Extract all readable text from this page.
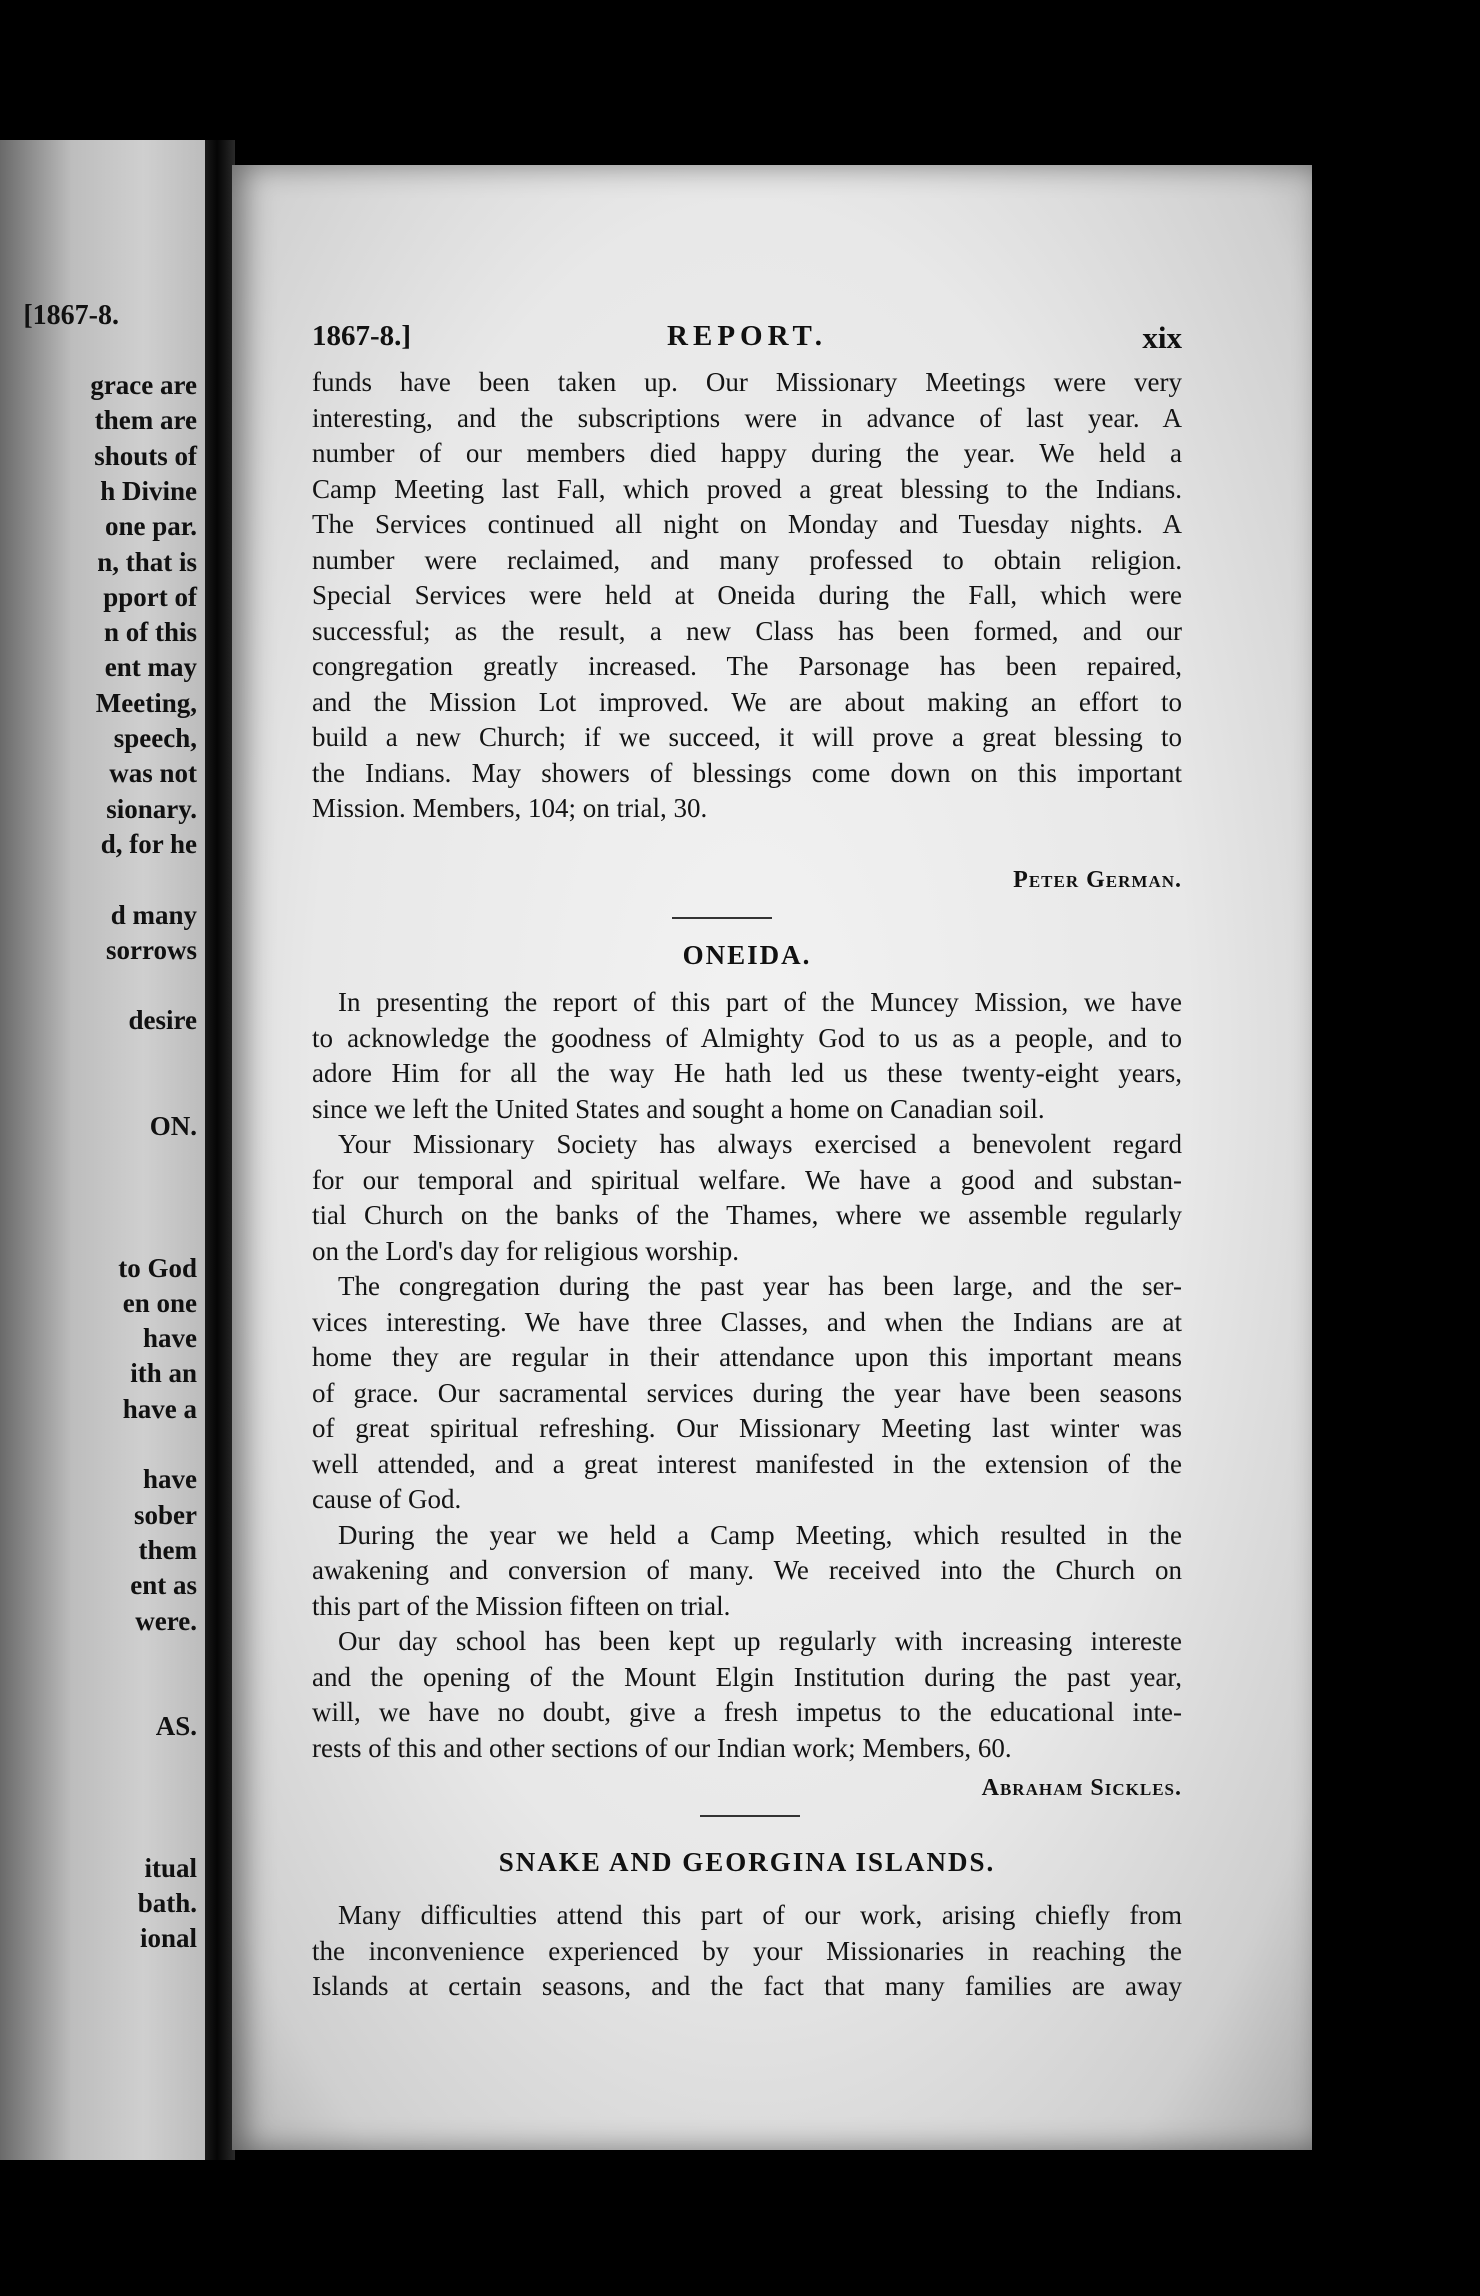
[1867-8.
grace are
them are
shouts of
h Divine
one par.
n, that is
pport of
n of this
ent may
Meeting,
speech,
was not
sionary.
d, for he
d many
sorrows
desire
ON.
to God
en one
have
ith an
have a
have
sober
them
ent as
were.
AS.
itual
bath.
ional
1867-8.]	REPORT.	xix
funds have been taken up. Our Missionary Meetings were very
interesting, and the subscriptions were in advance of last year. A
number of our members died happy during the year. We held a
Camp Meeting last Fall, which proved a great blessing to the Indians.
The Services continued all night on Monday and Tuesday nights. A
number were reclaimed, and many professed to obtain religion.
Special Services were held at Oneida during the Fall, which were
successful; as the result, a new Class has been formed, and our
congregation greatly increased. The Parsonage has been repaired,
and the Mission Lot improved. We are about making an effort to
build a new Church; if we succeed, it will prove a great blessing to
the Indians. May showers of blessings come down on this important
Mission. Members, 104; on trial, 30.
Peter German.
ONEIDA.
In presenting the report of this part of the Muncey Mission, we have
to acknowledge the goodness of Almighty God to us as a people, and to
adore Him for all the way He hath led us these twenty-eight years,
since we left the United States and sought a home on Canadian soil.
Your Missionary Society has always exercised a benevolent regard
for our temporal and spiritual welfare. We have a good and substan-
tial Church on the banks of the Thames, where we assemble regularly
on the Lord's day for religious worship.
The congregation during the past year has been large, and the ser-
vices interesting. We have three Classes, and when the Indians are at
home they are regular in their attendance upon this important means
of grace. Our sacramental services during the year have been seasons
of great spiritual refreshing. Our Missionary Meeting last winter was
well attended, and a great interest manifested in the extension of the
cause of God.
During the year we held a Camp Meeting, which resulted in the
awakening and conversion of many. We received into the Church on
this part of the Mission fifteen on trial.
Our day school has been kept up regularly with increasing intereste
and the opening of the Mount Elgin Institution during the past year,
will, we have no doubt, give a fresh impetus to the educational inte-
rests of this and other sections of our Indian work; Members, 60.
Abraham Sickles.
SNAKE AND GEORGINA ISLANDS.
Many difficulties attend this part of our work, arising chiefly from
the inconvenience experienced by your Missionaries in reaching the
Islands at certain seasons, and the fact that many families are away
